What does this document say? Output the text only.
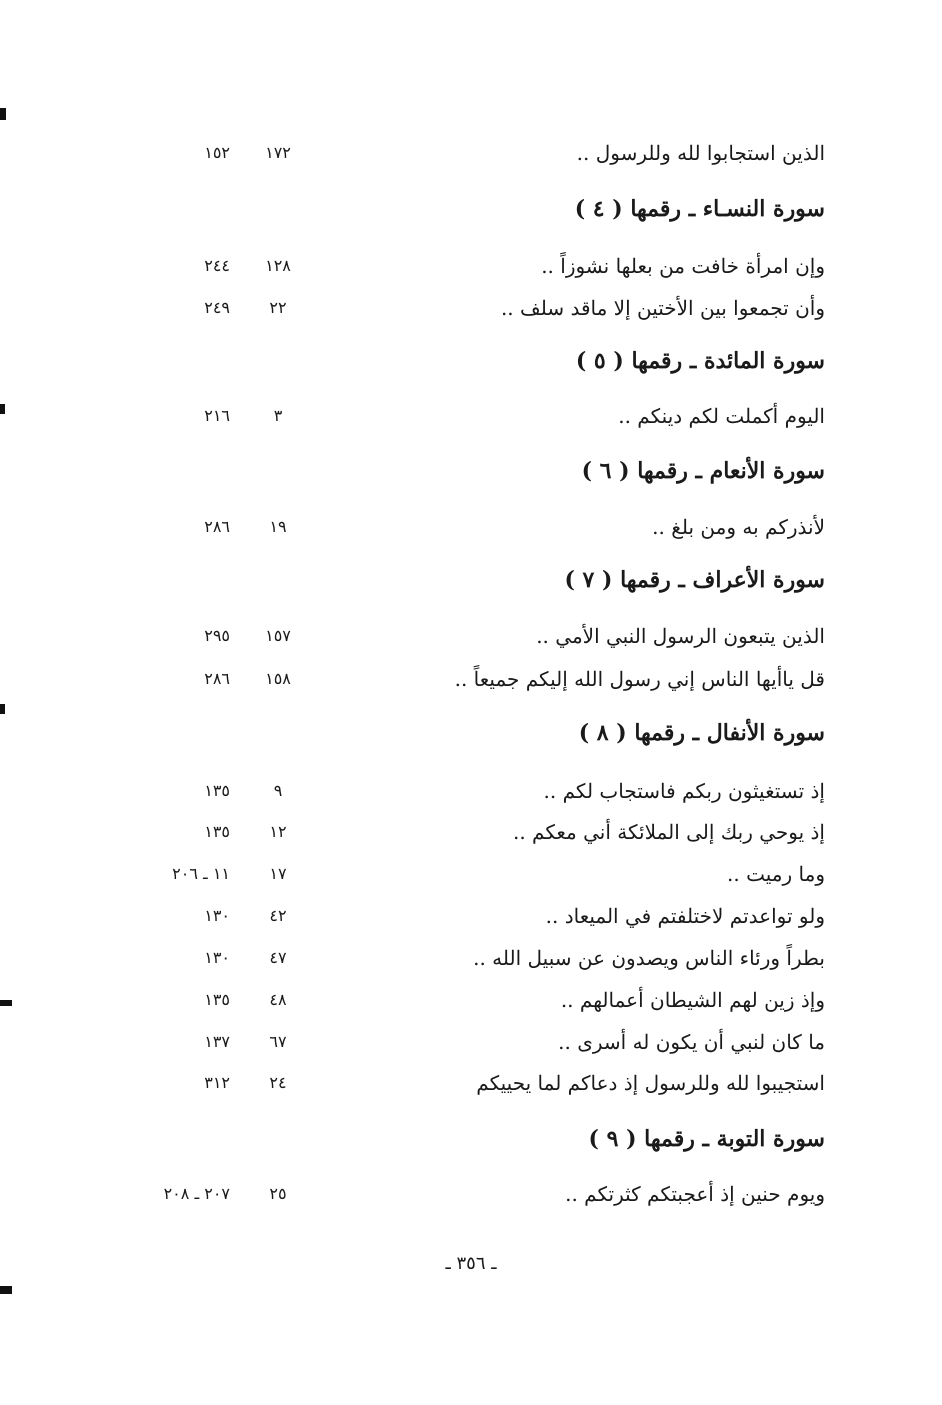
الذين استجابوا لله وللرسول ..
١٧٢
١٥٢
سورة النسـاء ـ رقمها ( ٤ )
وإن امرأة خافت من بعلها نشوزاً ..
١٢٨
٢٤٤
وأن تجمعوا بين الأختين إلا ماقد سلف ..
٢٢
٢٤٩
سورة المائدة ـ رقمها ( ٥ )
اليوم أكملت لكم دينكم ..
٣
٢١٦
سورة الأنعام ـ رقمها ( ٦ )
لأنذركم به ومن بلغ ..
١٩
٢٨٦
سورة الأعراف ـ رقمها ( ٧ )
الذين يتبعون الرسول النبي الأمي ..
١٥٧
٢٩٥
قل ياأيها الناس إني رسول الله إليكم جميعاً ..
١٥٨
٢٨٦
سورة الأنفال ـ رقمها ( ٨ )
إذ تستغيثون ربكم فاستجاب لكم ..
٩
١٣٥
إذ يوحي ربك إلى الملائكة أني معكم ..
١٢
١٣٥
وما رميت ..
١٧
١١ ـ ٢٠٦
ولو تواعدتم لاختلفتم في الميعاد ..
٤٢
١٣٠
بطراً ورئاء الناس ويصدون عن سبيل الله ..
٤٧
١٣٠
وإذ زين لهم الشيطان أعمالهم ..
٤٨
١٣٥
ما كان لنبي أن يكون له أسرى ..
٦٧
١٣٧
استجيبوا لله وللرسول إذ دعاكم لما يحييكم
٢٤
٣١٢
سورة التوبة ـ رقمها ( ٩ )
ويوم حنين إذ أعجبتكم كثرتكم ..
٢٥
٢٠٧ ـ ٢٠٨
ـ ٣٥٦ ـ
